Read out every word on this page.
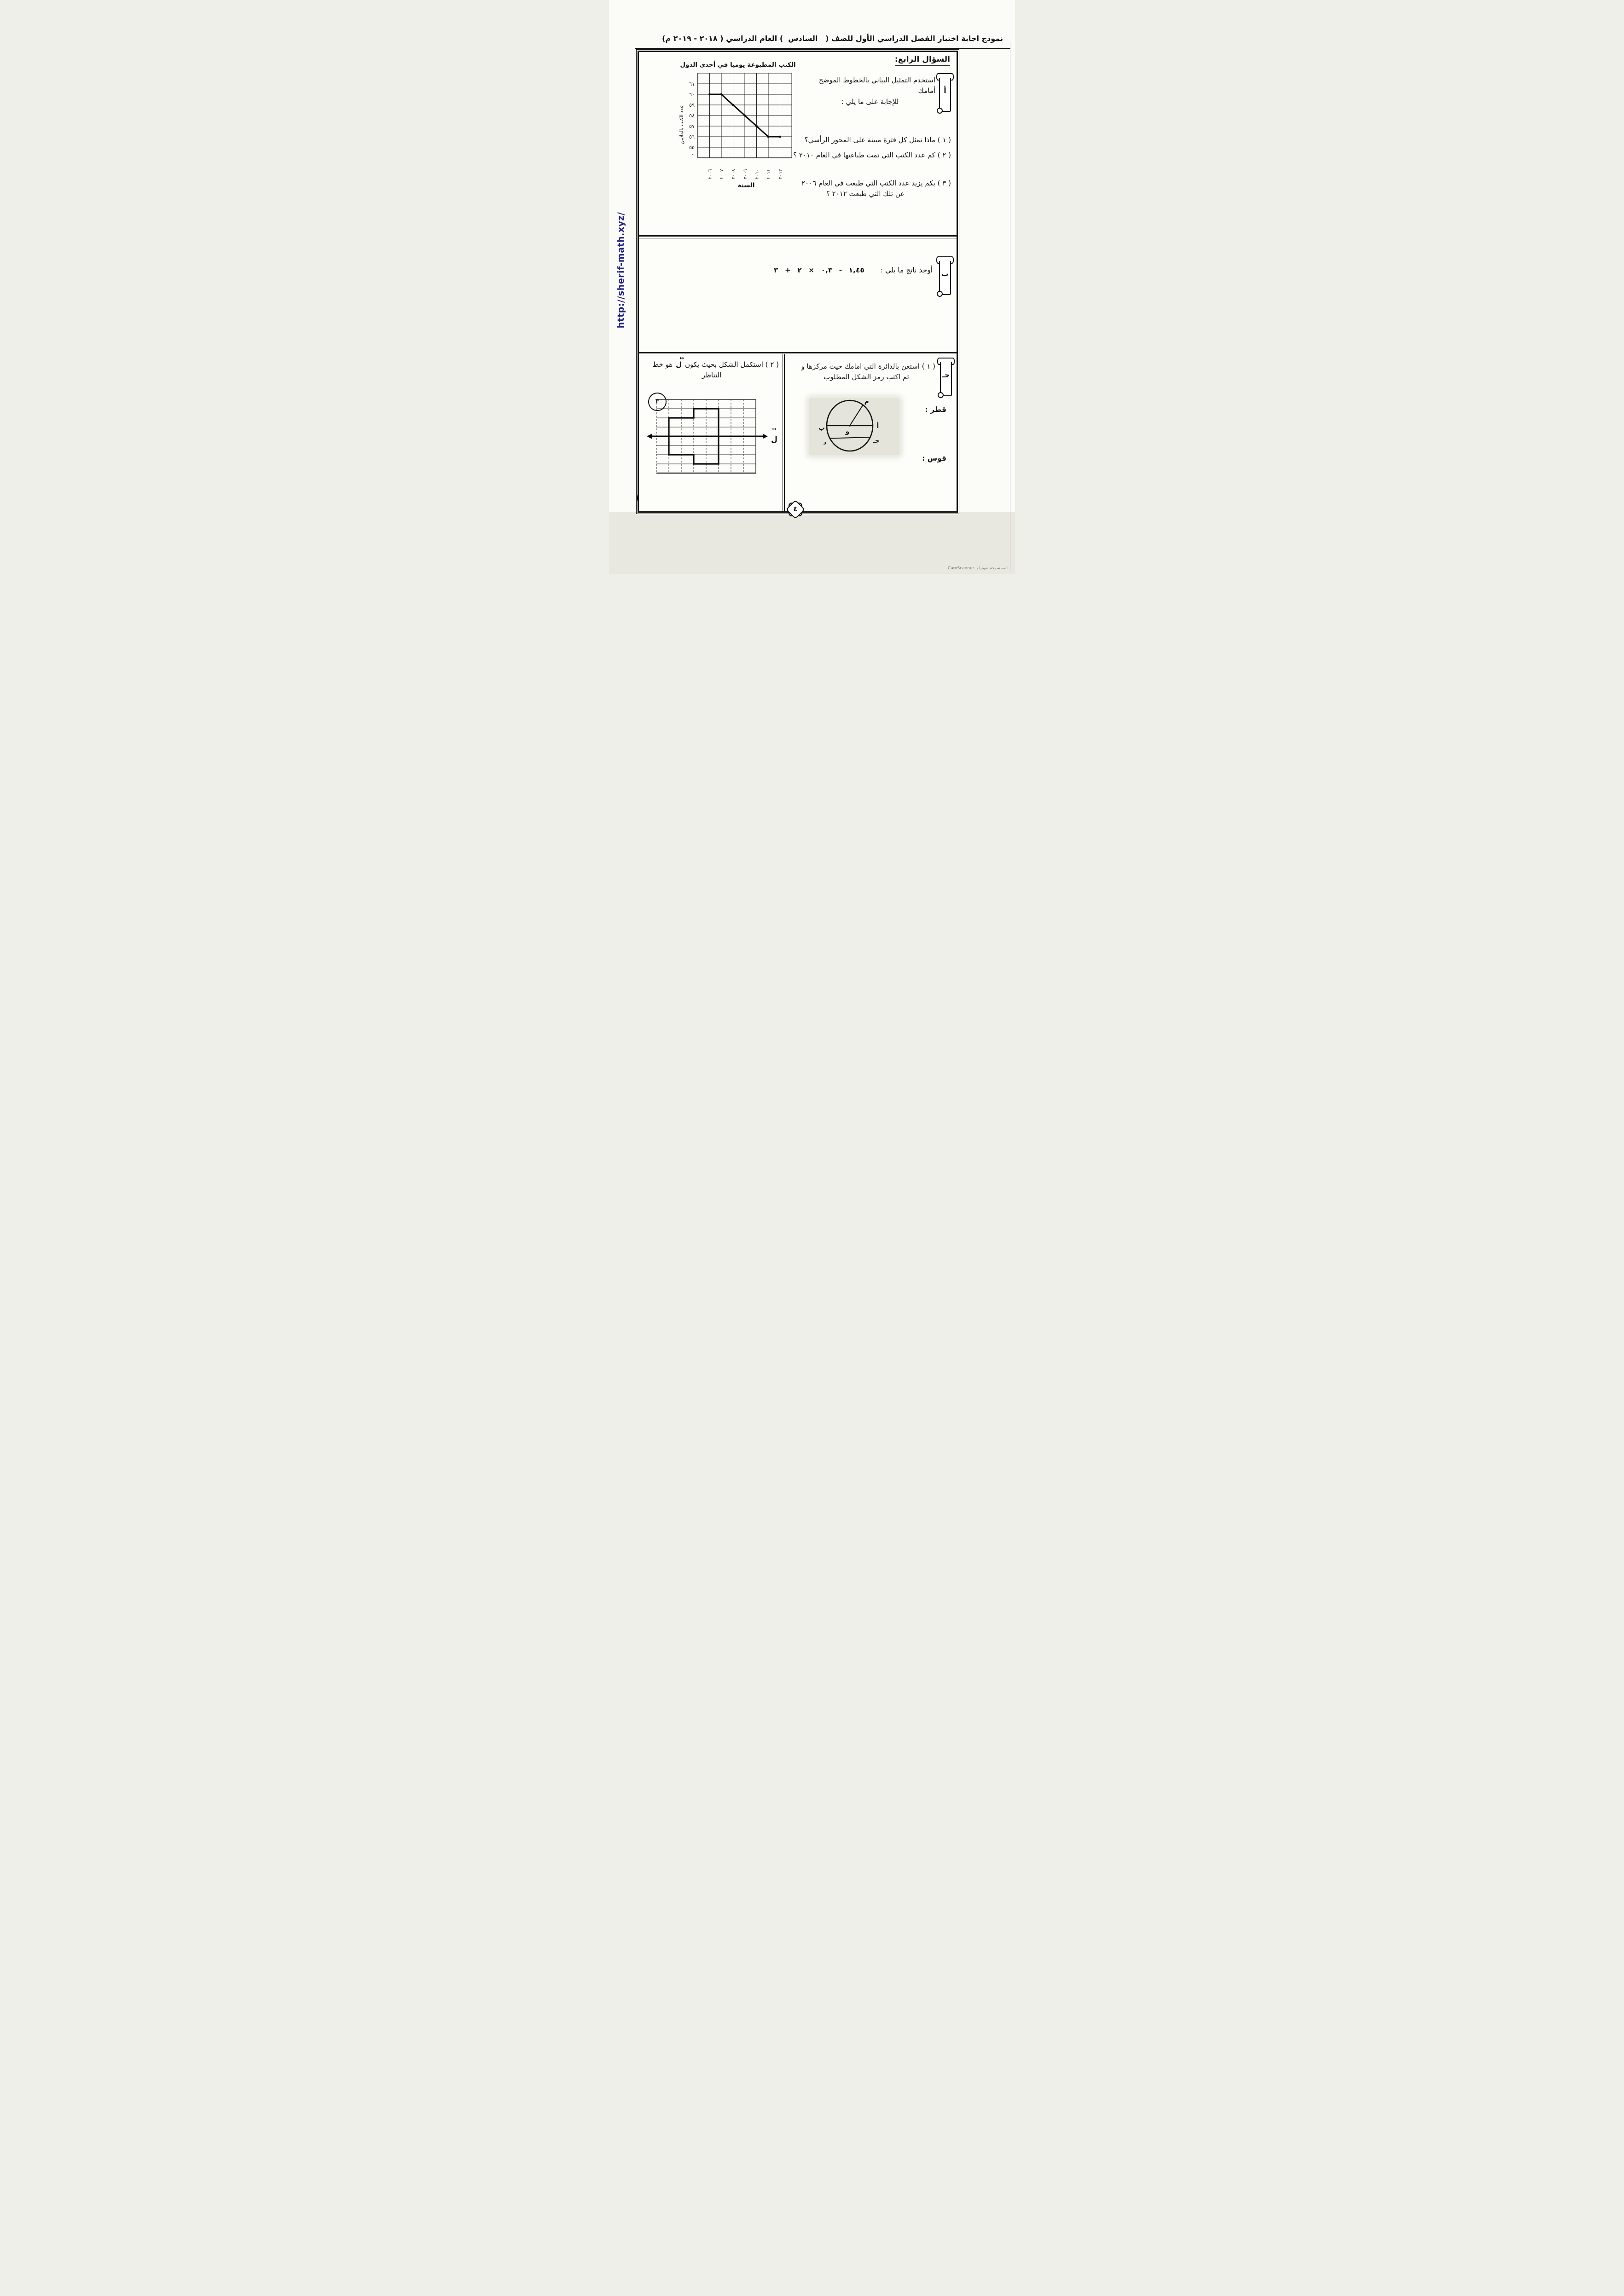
نموذج اجابة اختبار الفصل الدراسي الأول للصف (   السادس  ) العام الدراسي ( ٢٠١٨ - ٢٠١٩ م)
http://sherif-math.xyz/
السؤال الرابع:
أ
استخدم التمثيل البياني بالخطوط الموضح أمامك
للإجابة على ما يلي :
( ١ ) ماذا تمثل كل فترة مبينة على المحور الرأسي؟
( ٢ ) كم عدد الكتب التي تمت طباعتها في العام ٢٠١٠ ؟
( ٣ ) بكم يزيد عدد الكتب التي طبعت في العام ٢٠٠٦
عن تلك التي طبعت ٢٠١٢ ؟
الكتب المطبوعة يوميا في أحدى الدول
عدد الكتب بالملايين
٦١
٦٠
٥٩
٥٨
٥٧
٥٦
٥٥
٠
٢٠٠٦ ٢٠٠٧ ٢٠٠٨ ٢٠٠٩ ٢٠١٠ ٢٠١١ ٢٠١٢
السنة
ب
أوجد ناتج ما يلي : ١,٤٥ - ٠,٣ × ٢ + ٣
جـ
( ١ ) استعن بالدائرة التي امامك حيث مركزها و
ثم اكتب رمز الشكل المطلوب
قطر :
قوس :
م
أ
ب
جـ
د
و
( ٢ ) استكمل الشكل بحيث يكون
↔
ل هو خط
التناظر
٣
ل
↔
٤
الممسوحة ضوئيا بـ CamScanner
